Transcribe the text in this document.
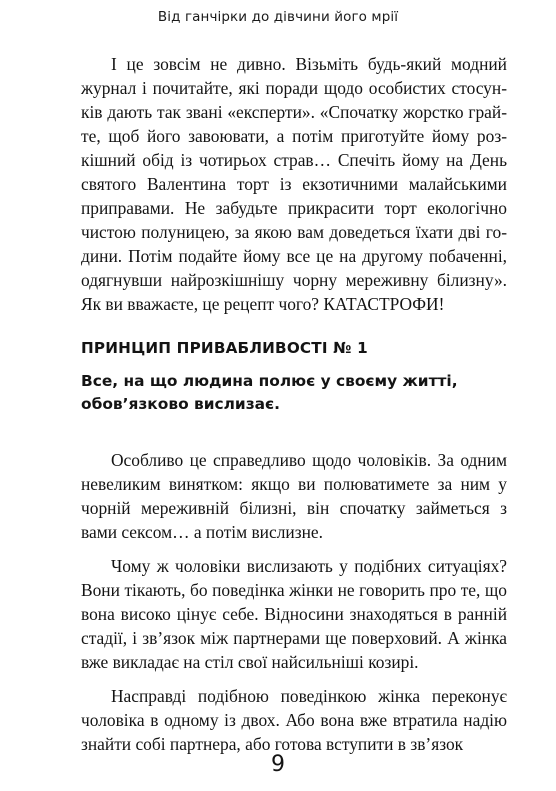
Від ганчірки до дівчини його мрії

І це зовсім не дивно. Візьміть будь-який модний журнал і почитайте, які поради щодо особистих стосунків дають так звані «експерти». «Спочатку жорстко грайте, щоб його завоювати, а потім приготуйте йому розкішний обід із чотирьох страв… Спечіть йому на День святого Валентина торт із екзотичними малайськими приправами. Не забудьте прикрасити торт екологічно чистою полуницею, за якою вам доведеться їхати дві години. Потім подайте йому все це на другому побаченні, одягнувши найрозкішнішу чорну мереживну білизну». Як ви вважаєте, це рецепт чого? КАТАСТРОФИ!

ПРИНЦИП ПРИВАБЛИВОСТІ № 1

Все, на що людина полює у своєму житті, обов’язково вислизає.

Особливо це справедливо щодо чоловіків. За одним невеликим винятком: якщо ви полюватимете за ним у чорній мереживній білизні, він спочатку займеться з вами сексом… а потім вислизне.

Чому ж чоловіки вислизають у подібних ситуаціях? Вони тікають, бо поведінка жінки не говорить про те, що вона високо цінує себе. Відносини знаходяться в ранній стадії, і зв’язок між партнерами ще поверховий. А жінка вже викладає на стіл свої найсильніші козирі.

Насправді подібною поведінкою жінка переконує чоловіка в одному із двох. Або вона вже втратила надію знайти собі партнера, або готова вступити в зв’язок

9
